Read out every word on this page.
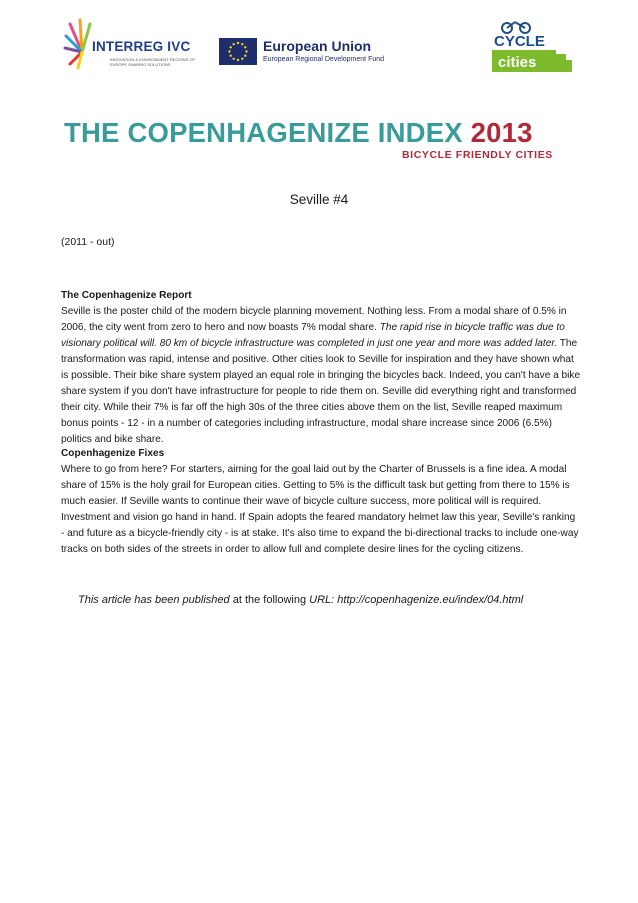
INTERREG IVC
INNOVATION & ENVIRONMENT REGIONS OF EUROPE SHARING SOLUTIONS
European Union
European Regional Development Fund
CYCLE
cities
THE COPENHAGENIZE INDEX 2013
BICYCLE FRIENDLY CITIES
Seville #4
(2011 - out)
The Copenhagenize Report

Seville is the poster child of the modern bicycle planning movement. Nothing less. From a modal share of 0.5% in 2006, the city went from zero to hero and now boasts 7% modal share. The rapid rise in bicycle traffic was due to visionary political will. 80 km of bicycle infrastructure was completed in just one year and more was added later. The transformation was rapid, intense and positive. Other cities look to Seville for inspiration and they have shown what is possible. Their bike share system played an equal role in bringing the bicycles back. Indeed, you can't have a bike share system if you don't have infrastructure for people to ride them on. Seville did everything right and transformed their city. While their 7% is far off the high 30s of the three cities above them on the list, Seville reaped maximum bonus points - 12 - in a number of categories including infrastructure, modal share increase since 2006 (6.5%) politics and bike share.

Copenhagenize Fixes

Where to go from here? For starters, aiming for the goal laid out by the Charter of Brussels is a fine idea. A modal share of 15% is the holy grail for European cities. Getting to 5% is the difficult task but getting from there to 15% is much easier. If Seville wants to continue their wave of bicycle culture success, more political will is required. Investment and vision go hand in hand. If Spain adopts the feared mandatory helmet law this year, Seville's ranking - and future as a bicycle-friendly city - is at stake. It's also time to expand the bi-directional tracks to include one-way tracks on both sides of the streets in order to allow full and complete desire lines for the cycling citizens.

This article has been published at the following URL: http://copenhagenize.eu/index/04.html
